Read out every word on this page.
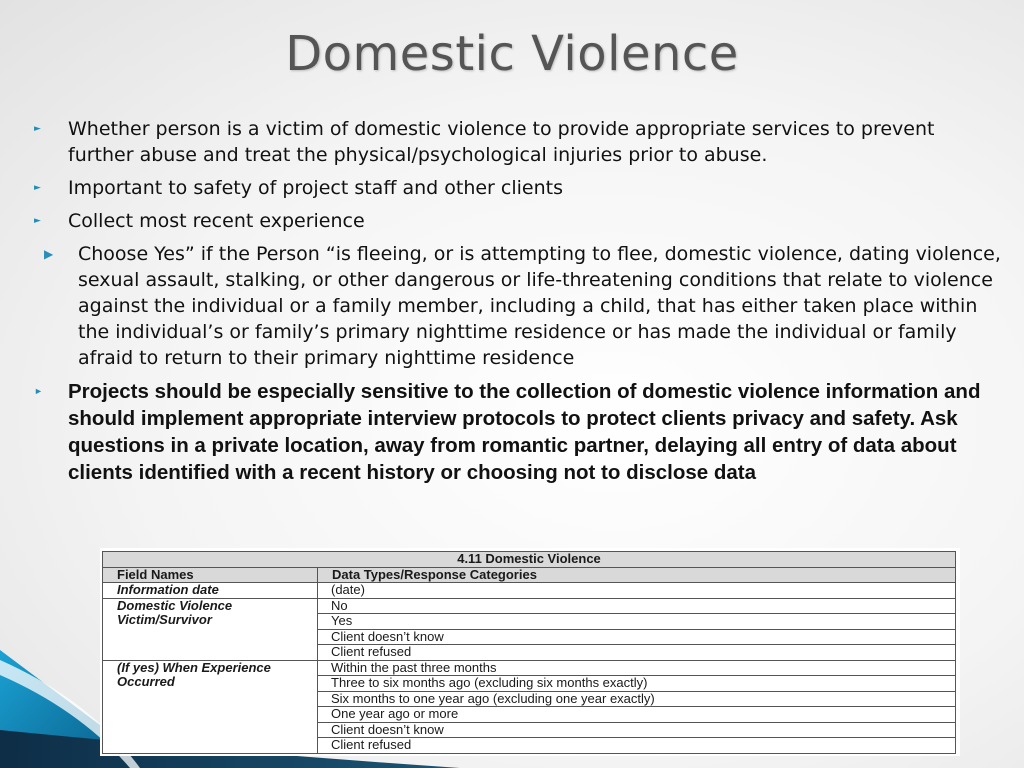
Domestic Violence
► Whether person is a victim of domestic violence to provide appropriate services to prevent further abuse and treat the physical/psychological injuries prior to abuse.
► Important to safety of project staff and other clients
► Collect most recent experience
▶ Choose Yes” if the Person “is fleeing, or is attempting to flee, domestic violence, dating violence, sexual assault, stalking, or other dangerous or life-threatening conditions that relate to violence against the individual or a family member, including a child, that has either taken place within the individual’s or family’s primary nighttime residence or has made the individual or family afraid to return to their primary nighttime residence
► Projects should be especially sensitive to the collection of domestic violence information and should implement appropriate interview protocols to protect clients privacy and safety. Ask questions in a private location, away from romantic partner, delaying all entry of data about clients identified with a recent history or choosing not to disclose data
4.11 Domestic Violence	
Field Names	Data Types/Response Categories
Information date	(date)
Domestic Violence Victim/Survivor	No
	Yes
	Client doesn’t know
	Client refused
(If yes) When Experience Occurred	Within the past three months
	Three to six months ago (excluding six months exactly)
	Six months to one year ago (excluding one year exactly)
	One year ago or more
	Client doesn’t know
	Client refused
